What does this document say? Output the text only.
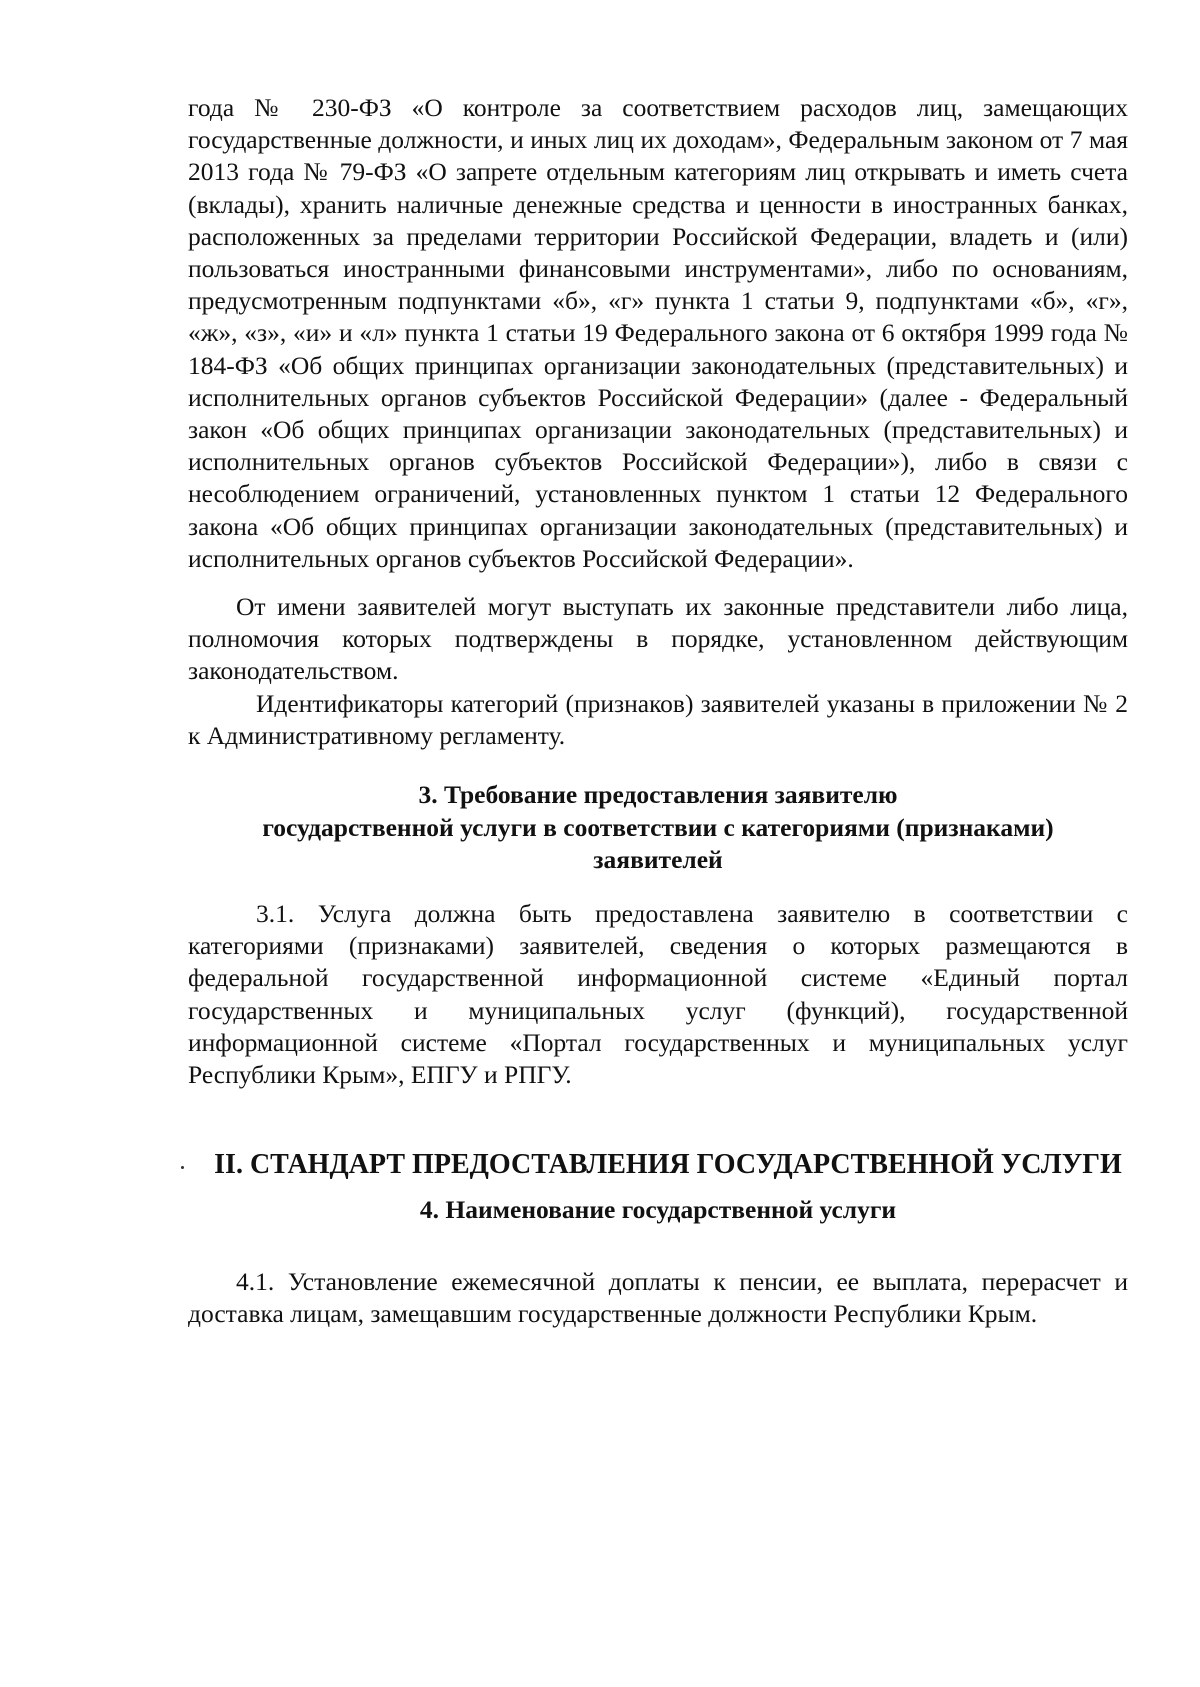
года № 230-ФЗ «О контроле за соответствием расходов лиц, замещающих государственные должности, и иных лиц их доходам», Федеральным законом от 7 мая 2013 года № 79-ФЗ «О запрете отдельным категориям лиц открывать и иметь счета (вклады), хранить наличные денежные средства и ценности в иностранных банках, расположенных за пределами территории Российской Федерации, владеть и (или) пользоваться иностранными финансовыми инструментами», либо по основаниям, предусмотренным подпунктами «б», «г» пункта 1 статьи 9, подпунктами «б», «г», «ж», «з», «и» и «л» пункта 1 статьи 19 Федерального закона от 6 октября 1999 года № 184-ФЗ «Об общих принципах организации законодательных (представительных) и исполнительных органов субъектов Российской Федерации» (далее - Федеральный закон «Об общих принципах организации законодательных (представительных) и исполнительных органов субъектов Российской Федерации»), либо в связи с несоблюдением ограничений, установленных пунктом 1 статьи 12 Федерального закона «Об общих принципах организации законодательных (представительных) и исполнительных органов субъектов Российской Федерации».

От имени заявителей могут выступать их законные представители либо лица, полномочия которых подтверждены в порядке, установленном действующим законодательством.

Идентификаторы категорий (признаков) заявителей указаны в приложении № 2 к Административному регламенту.

3. Требование предоставления заявителю
государственной услуги в соответствии с категориями (признаками)
заявителей

3.1. Услуга должна быть предоставлена заявителю в соответствии с категориями (признаками) заявителей, сведения о которых размещаются в федеральной государственной информационной системе «Единый портал государственных и муниципальных услуг (функций), государственной информационной системе «Портал государственных и муниципальных услуг Республики Крым», ЕПГУ и РПГУ.

II. СТАНДАРТ ПРЕДОСТАВЛЕНИЯ ГОСУДАРСТВЕННОЙ УСЛУГИ
4. Наименование государственной услуги

4.1. Установление ежемесячной доплаты к пенсии, ее выплата, перерасчет и доставка лицам, замещавшим государственные должности Республики Крым.
